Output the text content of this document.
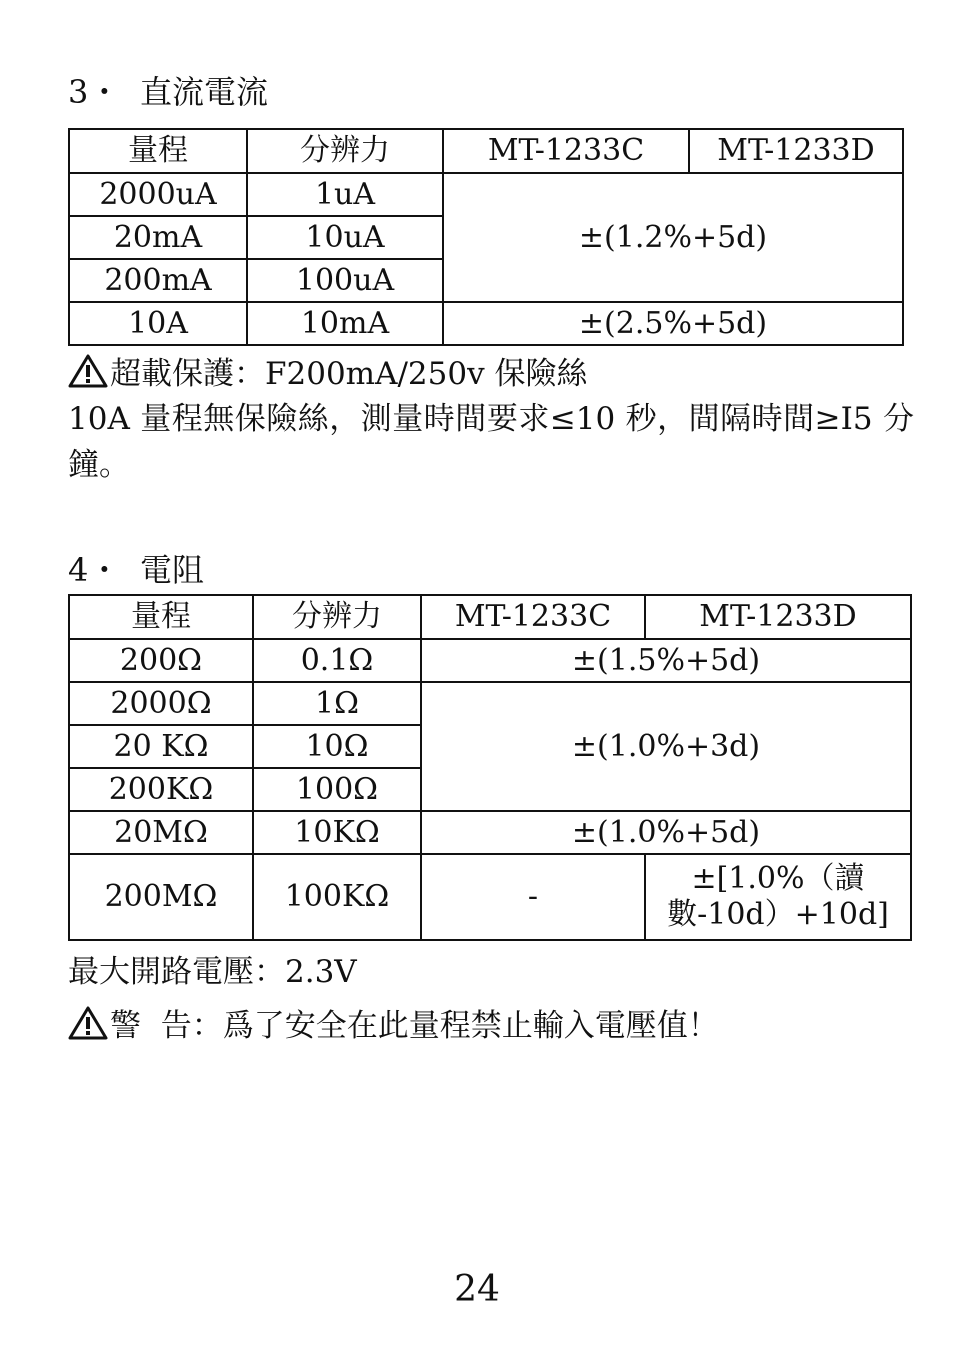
3・ 直流電流
量程	分辨力	MT-1233C	MT-1233D
2000uA	1uA	±(1.2%+5d)	
20mA	10uA		
200mA	100uA		
10A	10mA	±(2.5%+5d)	
超載保護：F200mA/250v 保險絲
10A 量程無保險絲，測量時間要求≤10 秒，間隔時間≥I5 分鐘。
4・ 電阻
量程	分辨力	MT-1233C	MT-1233D
200Ω	0.1Ω	±(1.5%+5d)	
2000Ω	1Ω	±(1.0%+3d)	
20 KΩ	10Ω		
200KΩ	100Ω		
20MΩ	10KΩ	±(1.0%+5d)	
200MΩ	100KΩ	-	±[1.0%（讀數-10d）+10d]
最大開路電壓：2.3V
警  告：爲了安全在此量程禁止輸入電壓值！
24
